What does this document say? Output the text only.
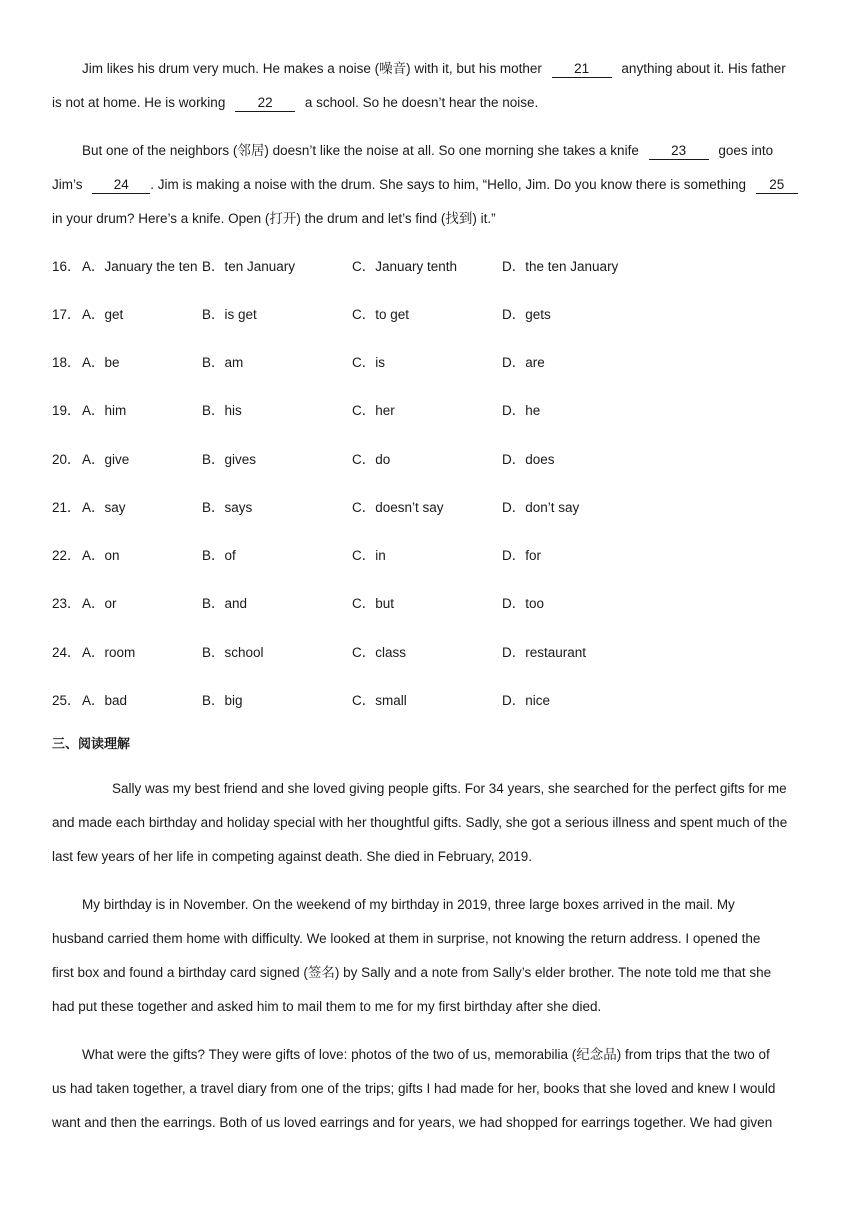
Jim likes his drum very much. He makes a noise (噪音) with it, but his mother 21 anything about it. His father
is not at home. He is working 22 a school. So he doesn’t hear the noise.
But one of the neighbors (邻居) doesn’t like the noise at all. So one morning she takes a knife 23 goes into
Jim’s 24 . Jim is making a noise with the drum. She says to him, “Hello, Jim. Do you know there is something 25
in your drum? Here’s a knife. Open (打开) the drum and let’s find (找到) it.”
16． A．January the ten B．ten January	C．January tenth	D．the ten January
17． A．get	B．is get	C．to get	D．gets
18． A．be	B．am	C．is	D．are
19． A．him	B．his	C．her	D．he
20． A．give	B．gives	C．do	D．does
21． A．say	B．says	C．doesn’t say	D．don’t say
22． A．on	B．of	C．in	D．for
23． A．or	B．and	C．but	D．too
24． A．room	B．school	C．class	D．restaurant
25． A．bad	B．big	C．small	D．nice
三、阅读理解
Sally was my best friend and she loved giving people gifts. For 34 years, she searched for the perfect gifts for me
and made each birthday and holiday special with her thoughtful gifts. Sadly, she got a serious illness and spent much of the
last few years of her life in competing against death. She died in February, 2019.
My birthday is in November. On the weekend of my birthday in 2019, three large boxes arrived in the mail. My
husband carried them home with difficulty. We looked at them in surprise, not knowing the return address. I opened the
first box and found a birthday card signed (签名) by Sally and a note from Sally’s elder brother. The note told me that she
had put these together and asked him to mail them to me for my first birthday after she died.
What were the gifts? They were gifts of love: photos of the two of us, memorabilia (纪念品) from trips that the two of
us had taken together, a travel diary from one of the trips; gifts I had made for her, books that she loved and knew I would
want and then the earrings. Both of us loved earrings and for years, we had shopped for earrings together. We had given
